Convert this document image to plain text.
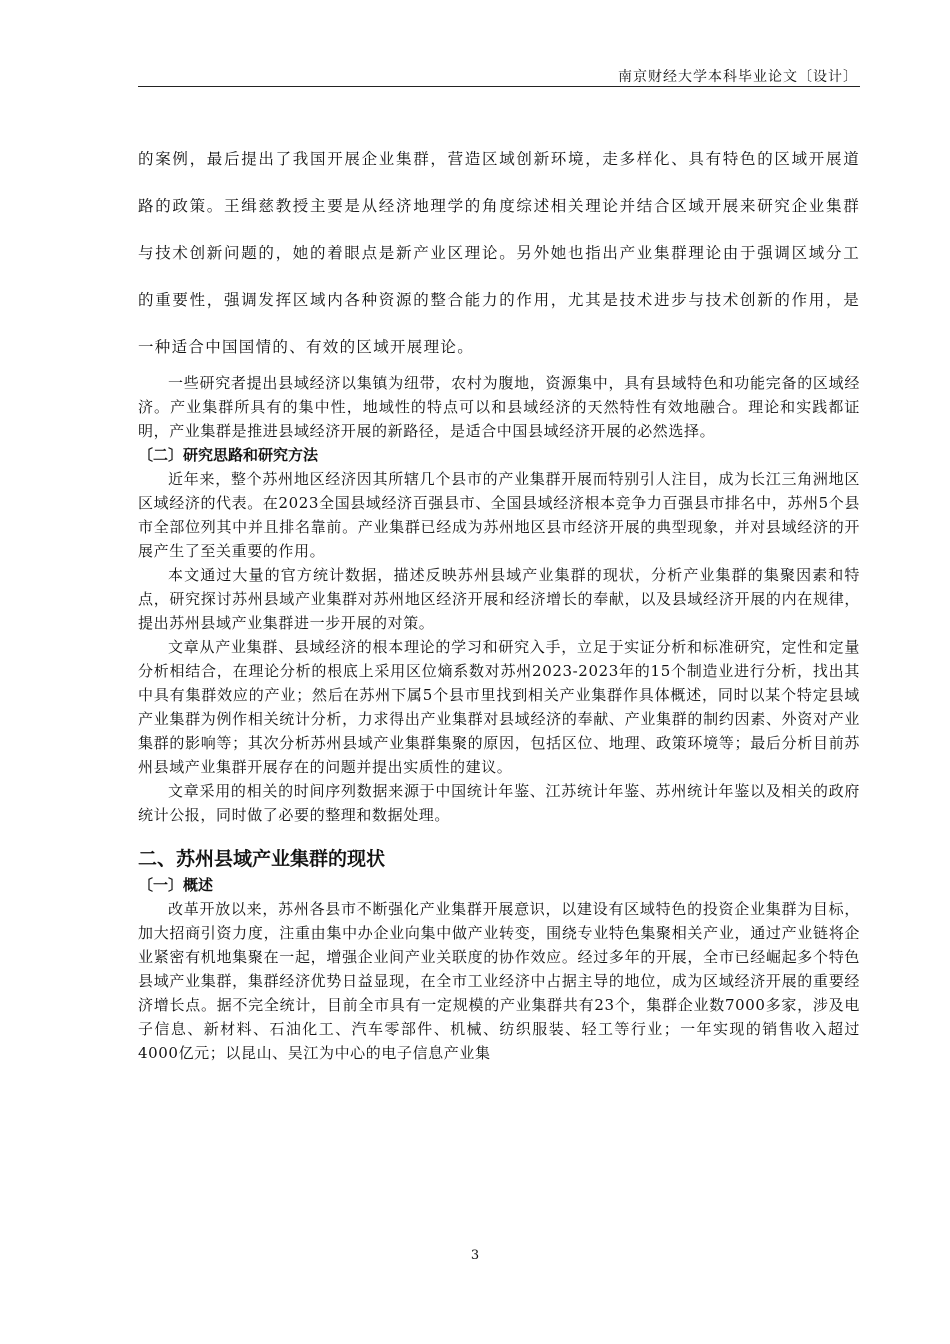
南京财经大学本科毕业论文〔设计〕

的案例，最后提出了我国开展企业集群，营造区域创新环境，走多样化、具有特色的区域开展道路的政策。王缉慈教授主要是从经济地理学的角度综述相关理论并结合区域开展来研究企业集群与技术创新问题的，她的着眼点是新产业区理论。另外她也指出产业集群理论由于强调区域分工的重要性，强调发挥区域内各种资源的整合能力的作用，尤其是技术进步与技术创新的作用，是一种适合中国国情的、有效的区域开展理论。

一些研究者提出县域经济以集镇为纽带，农村为腹地，资源集中，具有县域特色和功能完备的区域经济。产业集群所具有的集中性，地域性的特点可以和县域经济的天然特性有效地融合。理论和实践都证明，产业集群是推进县域经济开展的新路径，是适合中国县域经济开展的必然选择。

〔二〕研究思路和研究方法

近年来，整个苏州地区经济因其所辖几个县市的产业集群开展而特别引人注目，成为长江三角洲地区区域经济的代表。在2023全国县域经济百强县市、全国县域经济根本竞争力百强县市排名中，苏州5个县市全部位列其中并且排名靠前。产业集群已经成为苏州地区县市经济开展的典型现象，并对县域经济的开展产生了至关重要的作用。

本文通过大量的官方统计数据，描述反映苏州县域产业集群的现状，分析产业集群的集聚因素和特点，研究探讨苏州县域产业集群对苏州地区经济开展和经济增长的奉献，以及县域经济开展的内在规律，提出苏州县域产业集群进一步开展的对策。

文章从产业集群、县域经济的根本理论的学习和研究入手，立足于实证分析和标准研究，定性和定量分析相结合，在理论分析的根底上采用区位熵系数对苏州2023-2023年的15个制造业进行分析，找出其中具有集群效应的产业；然后在苏州下属5个县市里找到相关产业集群作具体概述，同时以某个特定县域产业集群为例作相关统计分析，力求得出产业集群对县域经济的奉献、产业集群的制约因素、外资对产业集群的影响等；其次分析苏州县域产业集群集聚的原因，包括区位、地理、政策环境等；最后分析目前苏州县域产业集群开展存在的问题并提出实质性的建议。

文章采用的相关的时间序列数据来源于中国统计年鉴、江苏统计年鉴、苏州统计年鉴以及相关的政府统计公报，同时做了必要的整理和数据处理。

二、苏州县域产业集群的现状

〔一〕概述

改革开放以来，苏州各县市不断强化产业集群开展意识，以建设有区域特色的投资企业集群为目标，加大招商引资力度，注重由集中办企业向集中做产业转变，围绕专业特色集聚相关产业，通过产业链将企业紧密有机地集聚在一起，增强企业间产业关联度的协作效应。经过多年的开展，全市已经崛起多个特色县域产业集群，集群经济优势日益显现，在全市工业经济中占据主导的地位，成为区域经济开展的重要经济增长点。据不完全统计，目前全市具有一定规模的产业集群共有23个，集群企业数7000多家，涉及电子信息、新材料、石油化工、汽车零部件、机械、纺织服装、轻工等行业；一年实现的销售收入超过4000亿元；以昆山、吴江为中心的电子信息产业集

3
